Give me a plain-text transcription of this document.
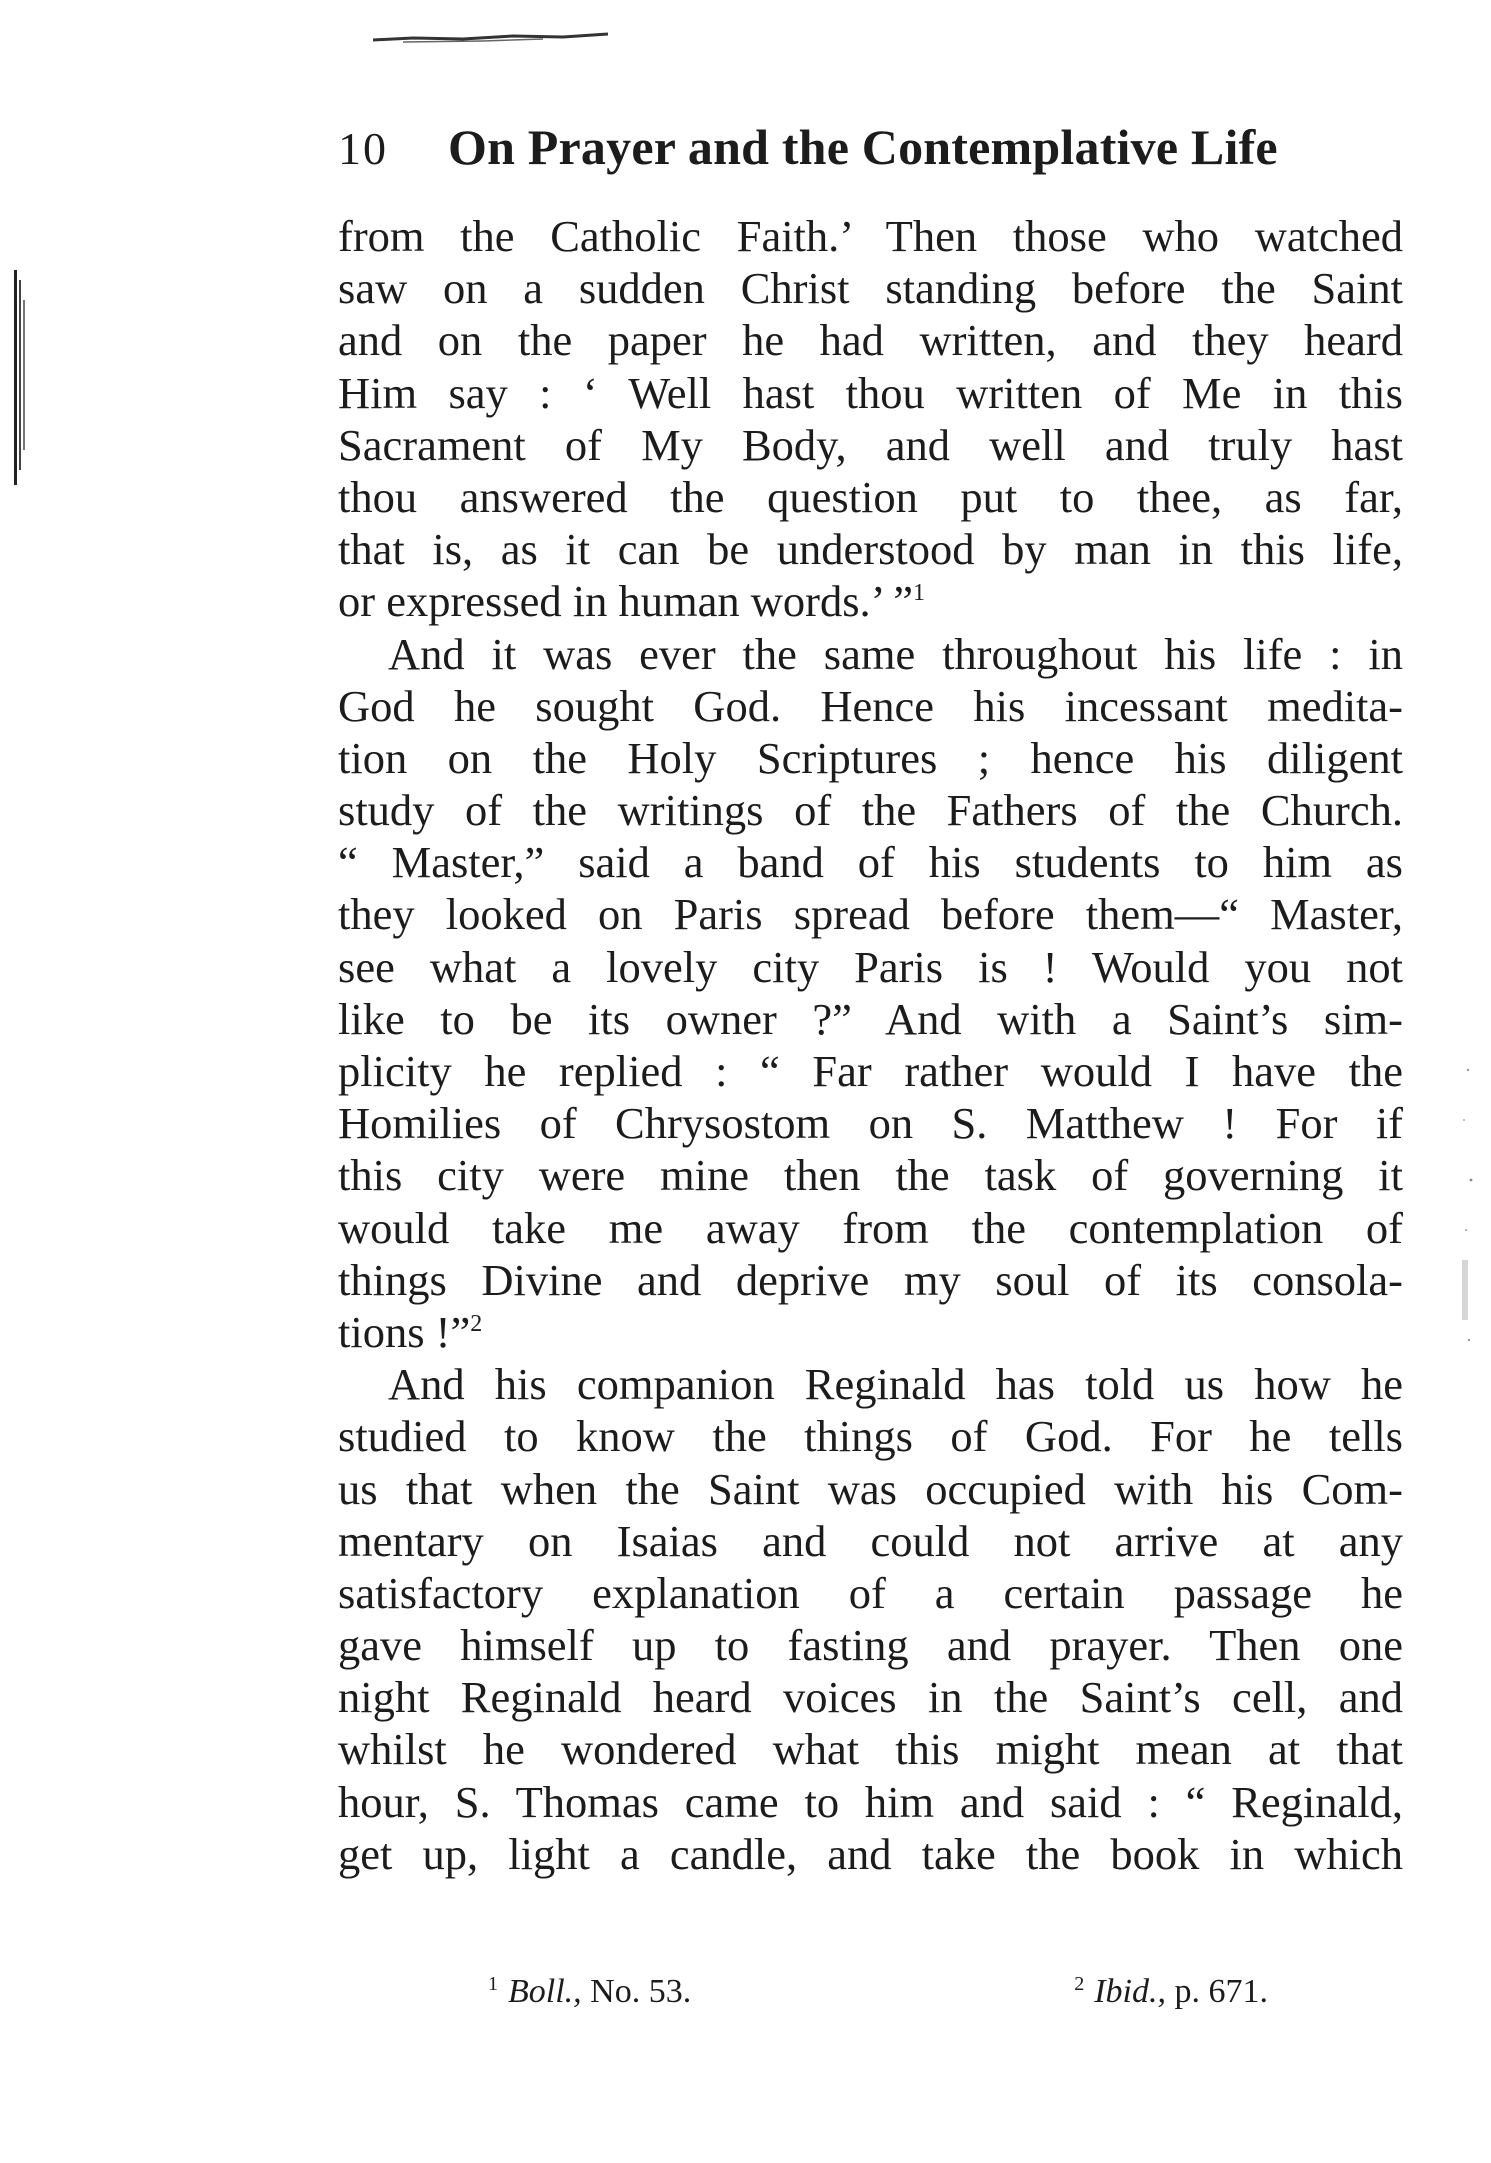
10	On Prayer and the Contemplative Life
from the Catholic Faith.’ Then those who watched
saw on a sudden Christ standing before the Saint
and on the paper he had written, and they heard
Him say : ‘ Well hast thou written of Me in this
Sacrament of My Body, and well and truly hast
thou answered the question put to thee, as far,
that is, as it can be understood by man in this life,
or expressed in human words.’ ”$^1$
And it was ever the same throughout his life : in
God he sought God. Hence his incessant medita-
tion on the Holy Scriptures ; hence his diligent
study of the writings of the Fathers of the Church.
“ Master,” said a band of his students to him as
they looked on Paris spread before them—“ Master,
see what a lovely city Paris is ! Would you not
like to be its owner ?” And with a Saint’s sim-
plicity he replied : “ Far rather would I have the
Homilies of Chrysostom on S. Matthew ! For if
this city were mine then the task of governing it
would take me away from the contemplation of
things Divine and deprive my soul of its consola-
tions !”$^2$
And his companion Reginald has told us how he
studied to know the things of God. For he tells
us that when the Saint was occupied with his Com-
mentary on Isaias and could not arrive at any
satisfactory explanation of a certain passage he
gave himself up to fasting and prayer. Then one
night Reginald heard voices in the Saint’s cell, and
whilst he wondered what this might mean at that
hour, S. Thomas came to him and said : “ Reginald,
get up, light a candle, and take the book in which
$^1$ Boll., No. 53.	$^2$ Ibid., p. 671.
